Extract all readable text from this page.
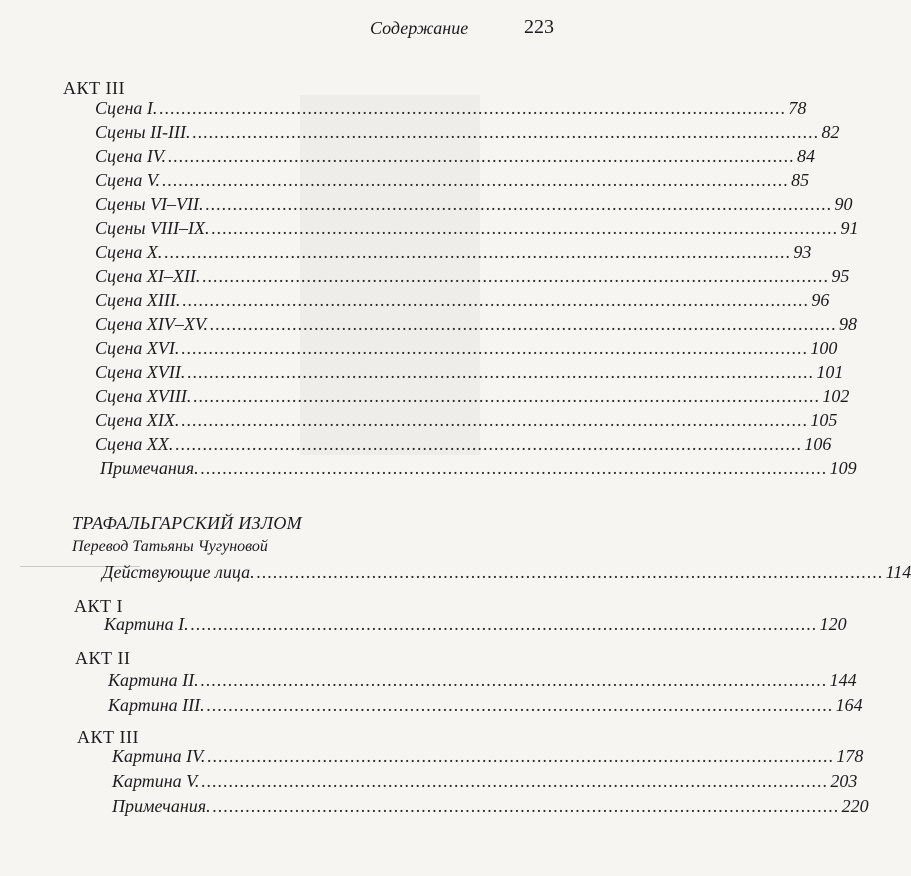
Содержание	223
АКТ III
Сцена I. .................................................................................................................. 78
Сцены II-III. .................................................................................................................. 82
Сцена IV. .................................................................................................................. 84
Сцена V. .................................................................................................................. 85
Сцены VI–VII. .................................................................................................................. 90
Сцены VIII–IX. .................................................................................................................. 91
Сцена X. .................................................................................................................. 93
Сцена XI–XII. .................................................................................................................. 95
Сцена XIII. .................................................................................................................. 96
Сцена XIV–XV. .................................................................................................................. 98
Сцена XVI. .................................................................................................................. 100
Сцена XVII. .................................................................................................................. 101
Сцена XVIII. .................................................................................................................. 102
Сцена XIX. .................................................................................................................. 105
Сцена XX. .................................................................................................................. 106
Примечания. .................................................................................................................. 109
ТРАФАЛЬГАРСКИЙ ИЗЛОМ
Перевод Татьяны Чугуновой
Действующие лица. .................................................................................................................. 114
АКТ I
Картина I. .................................................................................................................. 120
АКТ II
Картина II. .................................................................................................................. 144
Картина III. .................................................................................................................. 164
АКТ III
Картина IV. .................................................................................................................. 178
Картина V. .................................................................................................................. 203
Примечания. .................................................................................................................. 220
